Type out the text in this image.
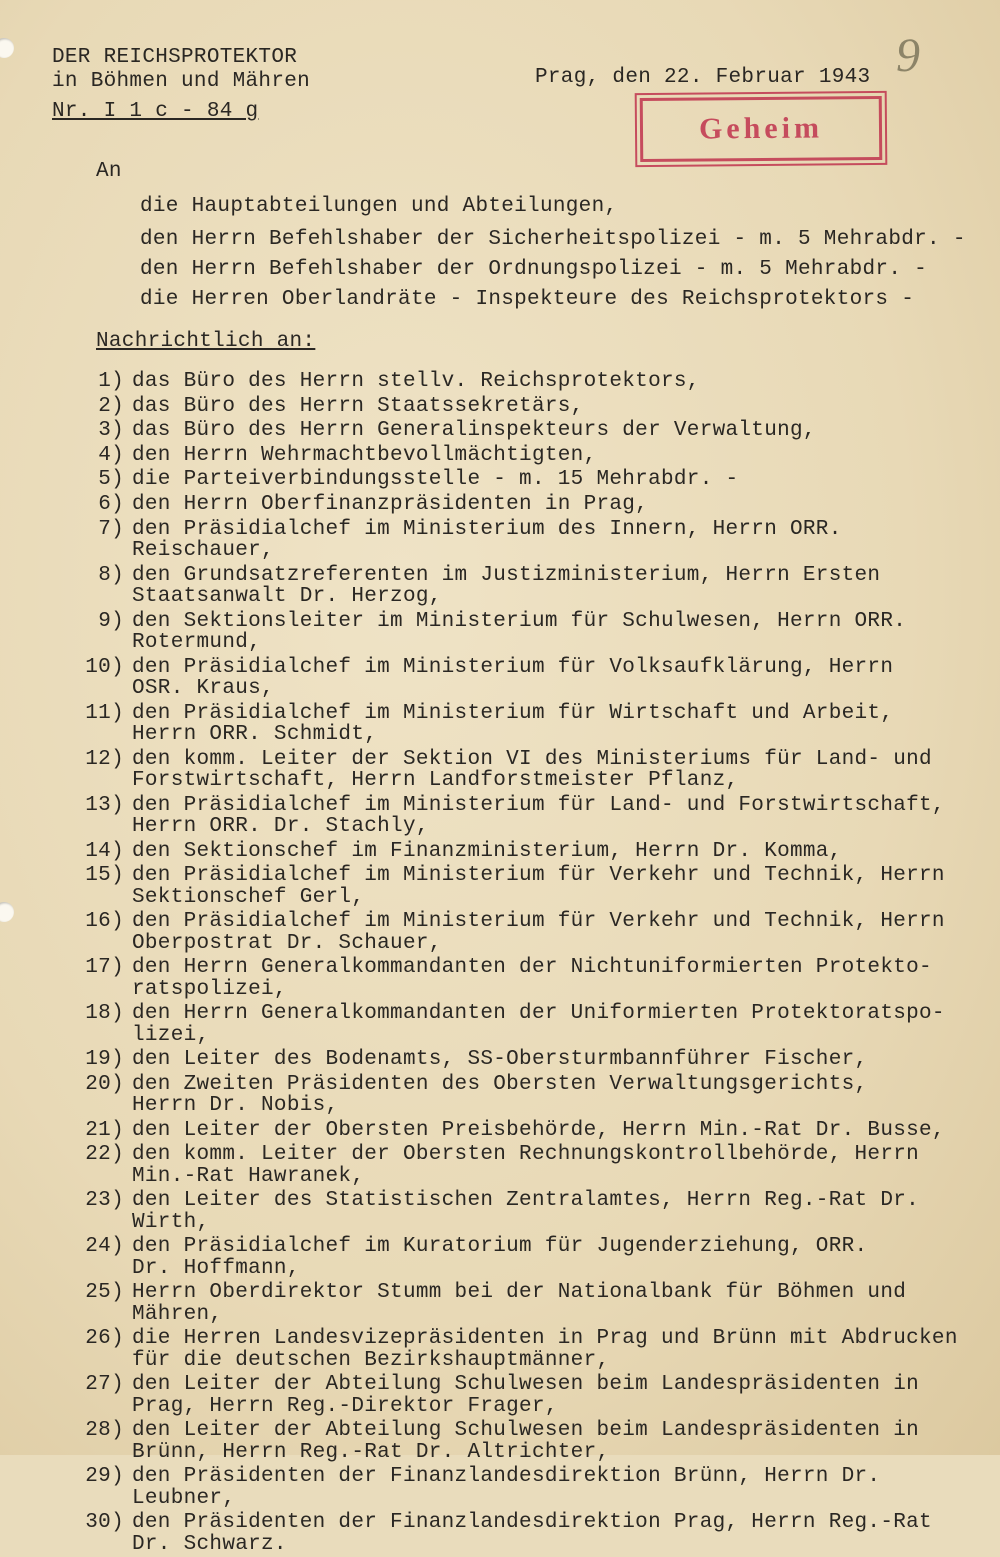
DER REICHSPROTEKTOR
in Böhmen und Mähren
Nr. I 1 c - 84 g
Prag, den 22. Februar 1943 9
Geheim
An
die Hauptabteilungen und Abteilungen,
den Herrn Befehlshaber der Sicherheitspolizei - m. 5 Mehrabdr. -
den Herrn Befehlshaber der Ordnungspolizei - m. 5 Mehrabdr. -
die Herren Oberlandräte - Inspekteure des Reichsprotektors -
Nachrichtlich an:
1) das Büro des Herrn stellv. Reichsprotektors,
2) das Büro des Herrn Staatssekretärs,
3) das Büro des Herrn Generalinspekteurs der Verwaltung,
4) den Herrn Wehrmachtbevollmächtigten,
5) die Parteiverbindungsstelle - m. 15 Mehrabdr. -
6) den Herrn Oberfinanzpräsidenten in Prag,
7) den Präsidialchef im Ministerium des Innern, Herrn ORR.
Reischauer,
8) den Grundsatzreferenten im Justizministerium, Herrn Ersten
Staatsanwalt Dr. Herzog,
9) den Sektionsleiter im Ministerium für Schulwesen, Herrn ORR.
Rotermund,
10) den Präsidialchef im Ministerium für Volksaufklärung, Herrn
OSR. Kraus,
11) den Präsidialchef im Ministerium für Wirtschaft und Arbeit,
Herrn ORR. Schmidt,
12) den komm. Leiter der Sektion VI des Ministeriums für Land- und
Forstwirtschaft, Herrn Landforstmeister Pflanz,
13) den Präsidialchef im Ministerium für Land- und Forstwirtschaft,
Herrn ORR. Dr. Stachly,
14) den Sektionschef im Finanzministerium, Herrn Dr. Komma,
15) den Präsidialchef im Ministerium für Verkehr und Technik, Herrn
Sektionschef Gerl,
16) den Präsidialchef im Ministerium für Verkehr und Technik, Herrn
Oberpostrat Dr. Schauer,
17) den Herrn Generalkommandanten der Nichtuniformierten Protekto-
ratspolizei,
18) den Herrn Generalkommandanten der Uniformierten Protektoratspo-
lizei,
19) den Leiter des Bodenamts, SS-Obersturmbannführer Fischer,
20) den Zweiten Präsidenten des Obersten Verwaltungsgerichts,
Herrn Dr. Nobis,
21) den Leiter der Obersten Preisbehörde, Herrn Min.-Rat Dr. Busse,
22) den komm. Leiter der Obersten Rechnungskontrollbehörde, Herrn
Min.-Rat Hawranek,
23) den Leiter des Statistischen Zentralamtes, Herrn Reg.-Rat Dr.
Wirth,
24) den Präsidialchef im Kuratorium für Jugenderziehung, ORR.
Dr. Hoffmann,
25) Herrn Oberdirektor Stumm bei der Nationalbank für Böhmen und
Mähren,
26) die Herren Landesvizepräsidenten in Prag und Brünn mit Abdrucken
für die deutschen Bezirkshauptmänner,
27) den Leiter der Abteilung Schulwesen beim Landespräsidenten in
Prag, Herrn Reg.-Direktor Frager,
28) den Leiter der Abteilung Schulwesen beim Landespräsidenten in
Brünn, Herrn Reg.-Rat Dr. Altrichter,
29) den Präsidenten der Finanzlandesdirektion Brünn, Herrn Dr.
Leubner,
30) den Präsidenten der Finanzlandesdirektion Prag, Herrn Reg.-Rat
Dr. Schwarz.
